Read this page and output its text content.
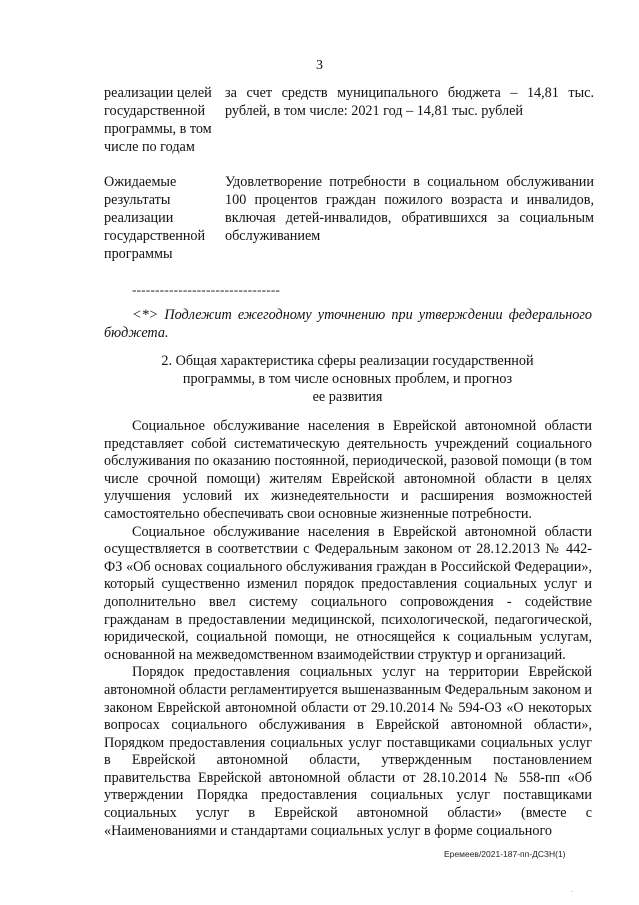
3
реализации целей государственной программы, в том числе по годам
за счет средств муниципального бюджета – 14,81 тыс. рублей, в том числе: 2021 год – 14,81 тыс. рублей
Ожидаемые результаты реализации государственной программы
Удовлетворение потребности в социальном обслуживании 100 процентов граждан пожилого возраста и инвалидов, включая детей-инвалидов, обратившихся за социальным обслуживанием
--------------------------------

<*> Подлежит ежегодному уточнению при утверждении федерального бюджета.

2. Общая характеристика сферы реализации государственной
программы, в том числе основных проблем, и прогноз
ее развития

Социальное обслуживание населения в Еврейской автономной области представляет собой систематическую деятельность учреждений социального обслуживания по оказанию постоянной, периодической, разовой помощи (в том числе срочной помощи) жителям Еврейской автономной области в целях улучшения условий их жизнедеятельности и расширения возможностей самостоятельно обеспечивать свои основные жизненные потребности.

Социальное обслуживание населения в Еврейской автономной области осуществляется в соответствии с Федеральным законом от 28.12.2013 № 442-ФЗ «Об основах социального обслуживания граждан в Российской Федерации», который существенно изменил порядок предоставления социальных услуг и дополнительно ввел систему социального сопровождения - содействие гражданам в предоставлении медицинской, психологической, педагогической, юридической, социальной помощи, не относящейся к социальным услугам, основанной на межведомственном взаимодействии структур и организаций.

Порядок предоставления социальных услуг на территории Еврейской автономной области регламентируется вышеназванным Федеральным законом и законом Еврейской автономной области от 29.10.2014 № 594-ОЗ «О некоторых вопросах социального обслуживания в Еврейской автономной области», Порядком предоставления социальных услуг поставщиками социальных услуг в Еврейской автономной области, утвержденным постановлением правительства Еврейской автономной области от 28.10.2014 № 558-пп «Об утверждении Порядка предоставления социальных услуг поставщиками социальных услуг в Еврейской автономной области» (вместе с «Наименованиями и стандартами социальных услуг в форме социального

Еремеев/2021-187-пп-ДСЗН(1)
.
